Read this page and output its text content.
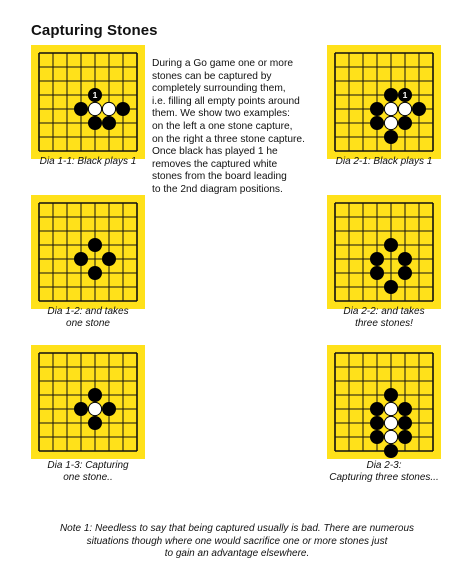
Capturing Stones
During a Go game one or more
stones can be captured by
completely surrounding them,
i.e. filling all empty points around
them. We show two examples:
on the left a one stone capture,
on the right a three stone capture.
Once black has played 1 he
removes the captured white
stones from the board leading
to the 2nd diagram positions.
1
Dia 1-1: Black plays 1
1
Dia 2-1: Black plays 1
Dia 1-2: and takes
one stone
Dia 2-2: and takes
three stones!
Dia 1-3: Capturing
one stone..
Dia 2-3:
Capturing three stones...
Note 1: Needless to say that being captured usually is bad. There are numerous
situations though where one would sacrifice one or more stones just
to gain an advantage elsewhere.
